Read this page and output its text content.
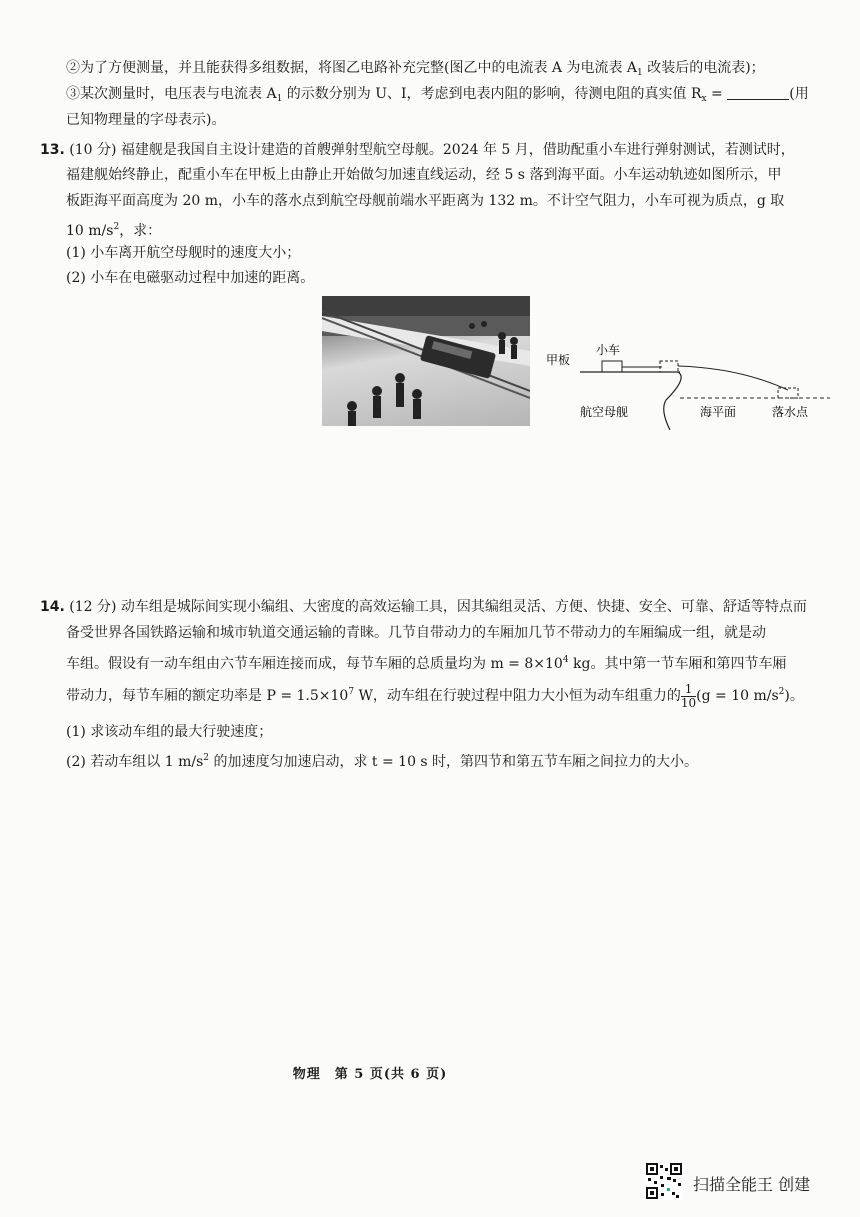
②为了方便测量，并且能获得多组数据，将图乙电路补充完整(图乙中的电流表 A 为电流表 $A_1$ 改装后的电流表)；
③某次测量时，电压表与电流表 $A_1$ 的示数分别为 U、I，考虑到电表内阻的影响，待测电阻的真实值 $R_x$ =	(用
已知物理量的字母表示)。
13. (10 分) 福建舰是我国自主设计建造的首艘弹射型航空母舰。2024 年 5 月，借助配重小车进行弹射测试，若测试时，
福建舰始终静止，配重小车在甲板上由静止开始做匀加速直线运动，经 5 s 落到海平面。小车运动轨迹如图所示，甲
板距海平面高度为 20 m，小车的落水点到航空母舰前端水平距离为 132 m。不计空气阻力，小车可视为质点，g 取
10 $m/s^2$，求：
(1) 小车离开航空母舰时的速度大小；
(2) 小车在电磁驱动过程中加速的距离。
甲板
小车
航空母舰	海平面	落水点
14. (12 分) 动车组是城际间实现小编组、大密度的高效运输工具，因其编组灵活、方便、快捷、安全、可靠、舒适等特点而
备受世界各国铁路运输和城市轨道交通运输的青睐。几节自带动力的车厢加几节不带动力的车厢编成一组，就是动
车组。假设有一动车组由六节车厢连接而成，每节车厢的总质量均为 $m = 8\times 10^4$ kg。其中第一节车厢和第四节车厢
带动力，每节车厢的额定功率是 $P = 1.5\times 10^7$ W，动车组在行驶过程中阻力大小恒为动车组重力的 $\frac{1}{10} (g = 10$ $m/s^2$)。
(1) 求该动车组的最大行驶速度；
(2) 若动车组以 1 $m/s^2$ 的加速度匀加速启动，求 t = 10 s 时，第四节和第五节车厢之间拉力的大小。
物理　第 5 页(共 6 页)
扫描全能王 创建
